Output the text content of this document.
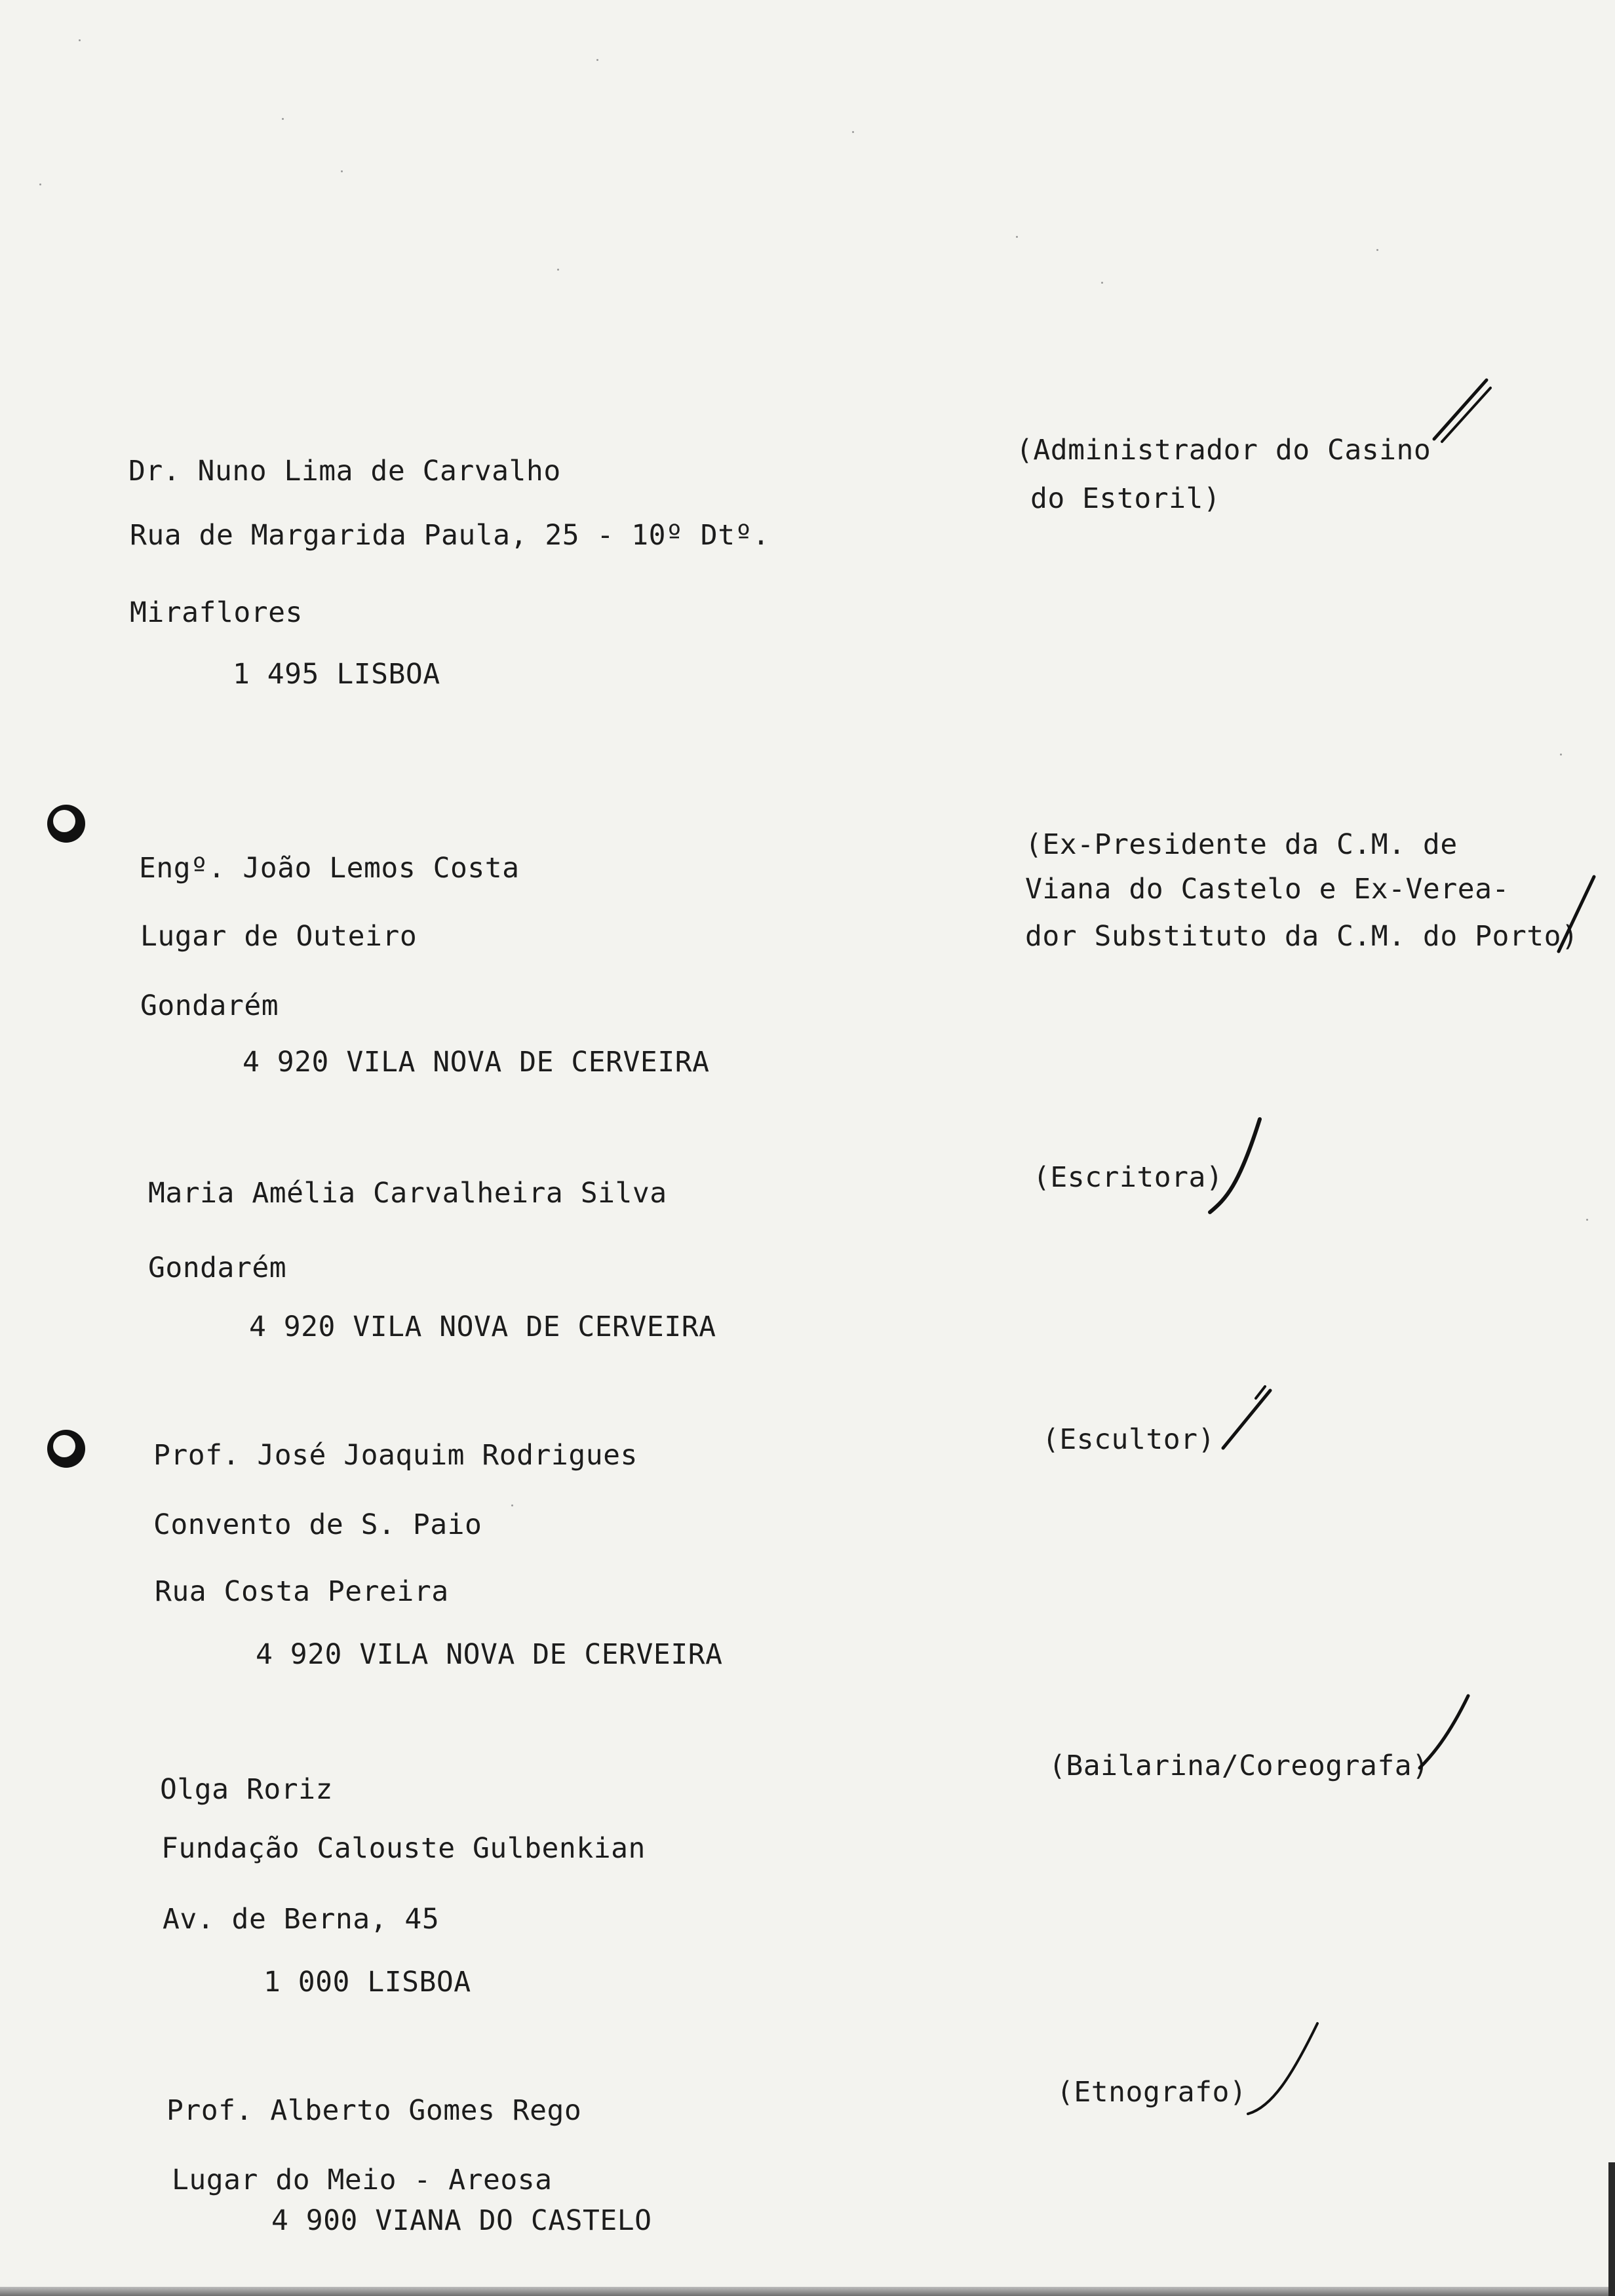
Dr. Nuno Lima de Carvalho
Rua de Margarida Paula, 25 - 10º Dtº.
Miraflores
1 495 LISBOA
(Administrador do Casino
do Estoril)
Engº. João Lemos Costa
Lugar de Outeiro
Gondarém
4 920 VILA NOVA DE CERVEIRA
(Ex-Presidente da C.M. de
Viana do Castelo e Ex-Verea-
dor Substituto da C.M. do Porto)
Maria Amélia Carvalheira Silva
Gondarém
4 920 VILA NOVA DE CERVEIRA
(Escritora)
Prof. José Joaquim Rodrigues
Convento de S. Paio
Rua Costa Pereira
4 920 VILA NOVA DE CERVEIRA
(Escultor)
Olga Roriz
Fundação Calouste Gulbenkian
Av. de Berna, 45
1 000 LISBOA
(Bailarina/Coreografa)
Prof. Alberto Gomes Rego
Lugar do Meio - Areosa
4 900 VIANA DO CASTELO
(Etnografo)
